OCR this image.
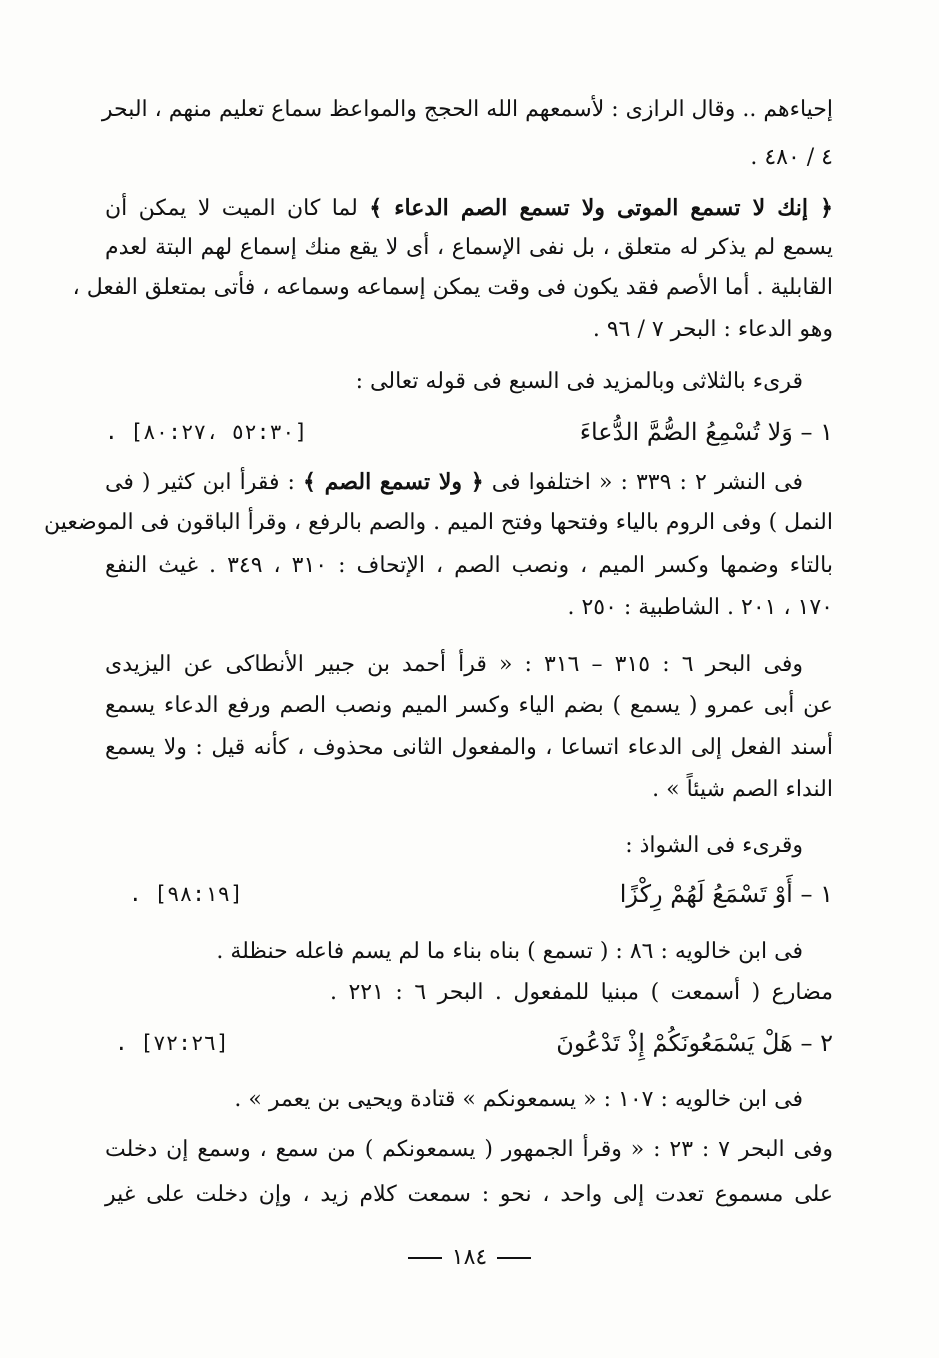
إحياءهم .. وقال الرازى : لأسمعهم الله الحجج والمواعظ سماع تعليم منهم ، البحر
٤ / ٤٨٠ .
﴿ إنك لا تسمع الموتى ولا تسمع الصم الدعاء ﴾ لما كان الميت لا يمكن أن
يسمع لم يذكر له متعلق ، بل نفى الإسماع ، أى لا يقع منك إسماع لهم البتة لعدم
القابلية . أما الأصم فقد يكون فى وقت يمكن إسماعه وسماعه ، فأتى بمتعلق الفعل ،
وهو الدعاء : البحر ٧ / ٩٦ .
قرىء بالثلاثى وبالمزيد فى السبع فى قوله تعالى :
١ – وَلا تُسْمِعُ الصُّمَّ الدُّعاءَ
. [٥٢:٣٠ ،٨٠:٢٧]
فى النشر ٢ : ٣٣٩ : « اختلفوا فى ﴿ ولا تسمع الصم ﴾ : فقرأ ابن كثير ( فى
النمل ) وفى الروم بالياء وفتحها وفتح الميم . والصم بالرفع ، وقرأ الباقون فى الموضعين
بالتاء وضمها وكسر الميم ، ونصب الصم ، الإتحاف : ٣١٠ ، ٣٤٩ . غيث النفع
١٧٠ ، ٢٠١ . الشاطبية : ٢٥٠ .
وفى البحر ٦ : ٣١٥ – ٣١٦ : « قرأ أحمد بن جبير الأنطاكى عن اليزيدى
عن أبى عمرو ( يسمع ) بضم الياء وكسر الميم ونصب الصم ورفع الدعاء يسمع
أسند الفعل إلى الدعاء اتساعا ، والمفعول الثانى محذوف ، كأنه قيل : ولا يسمع
النداء الصم شيئاً » .
وقرىء فى الشواذ :
١ – أَوْ تَسْمَعُ لَهُمْ رِكْزًا
. [٩٨:١٩]
فى ابن خالويه : ٨٦ : ( تسمع ) بناه بناء ما لم يسم فاعله حنظلة .
مضارع ( أسمعت ) مبنيا للمفعول . البحر ٦ : ٢٢١ .
٢ – هَلْ يَسْمَعُونَكُمْ إِذْ تَدْعُونَ
. [٧٢:٢٦]
فى ابن خالويه : ١٠٧ : « يسمعونكم » قتادة ويحيى بن يعمر » .
وفى البحر ٧ : ٢٣ : « وقرأ الجمهور ( يسمعونكم ) من سمع ، وسمع إن دخلت
على مسموع تعدت إلى واحد ، نحو : سمعت كلام زيد ، وإن دخلت على غير
١٨٤
